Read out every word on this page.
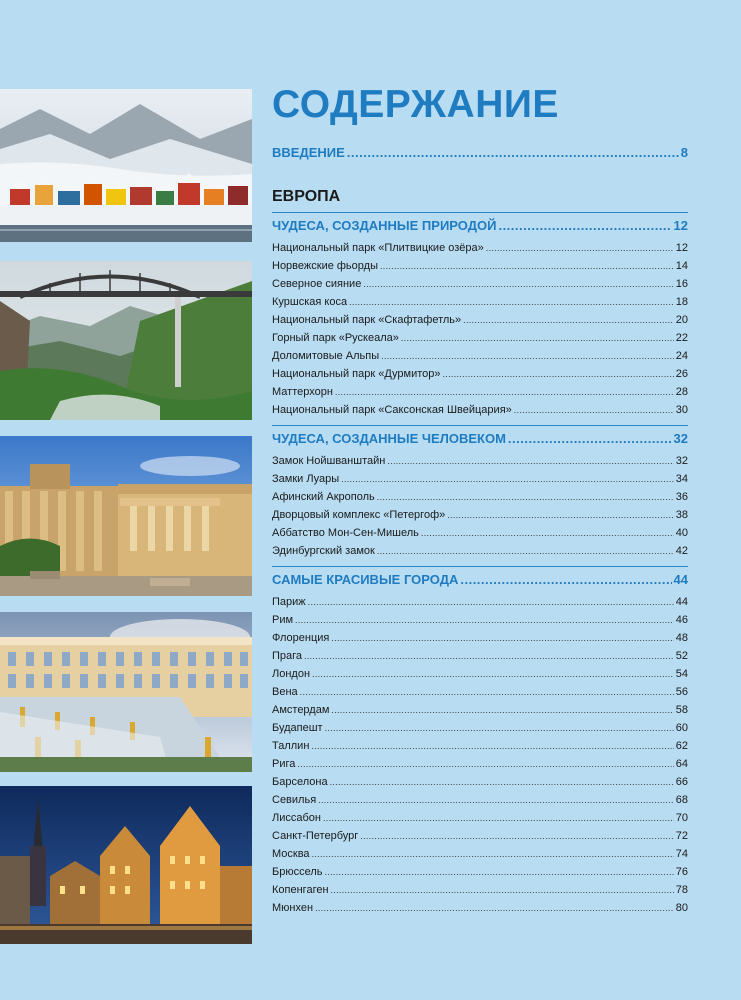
СОДЕРЖАНИЕ
ВВЕДЕНИЕ .....	8
ЕВРОПА
ЧУДЕСА, СОЗДАННЫЕ ПРИРОДОЙ .....	12
Национальный парк «Плитвицкие озёра» .....	12
Норвежские фьорды .....	14
Северное сияние .....	16
Куршская коса .....	18
Национальный парк «Скафтафетль» .....	20
Горный парк «Рускеала» .....	22
Доломитовые Альпы .....	24
Национальный парк «Дурмитор» .....	26
Маттерхорн .....	28
Национальный парк «Саксонская Швейцария» .....	30
ЧУДЕСА, СОЗДАННЫЕ ЧЕЛОВЕКОМ .....	32
Замок Нойшванштайн .....	32
Замки Луары .....	34
Афинский Акрополь .....	36
Дворцовый комплекс «Петергоф» .....	38
Аббатство Мон-Сен-Мишель .....	40
Эдинбургский замок .....	42
САМЫЕ КРАСИВЫЕ ГОРОДА .....	44
Париж .....	44
Рим .....	46
Флоренция .....	48
Прага .....	52
Лондон .....	54
Вена .....	56
Амстердам .....	58
Будапешт .....	60
Таллин .....	62
Рига .....	64
Барселона .....	66
Севилья .....	68
Лиссабон .....	70
Санкт-Петербург .....	72
Москва .....	74
Брюссель .....	76
Копенгаген .....	78
Мюнхен .....	80
